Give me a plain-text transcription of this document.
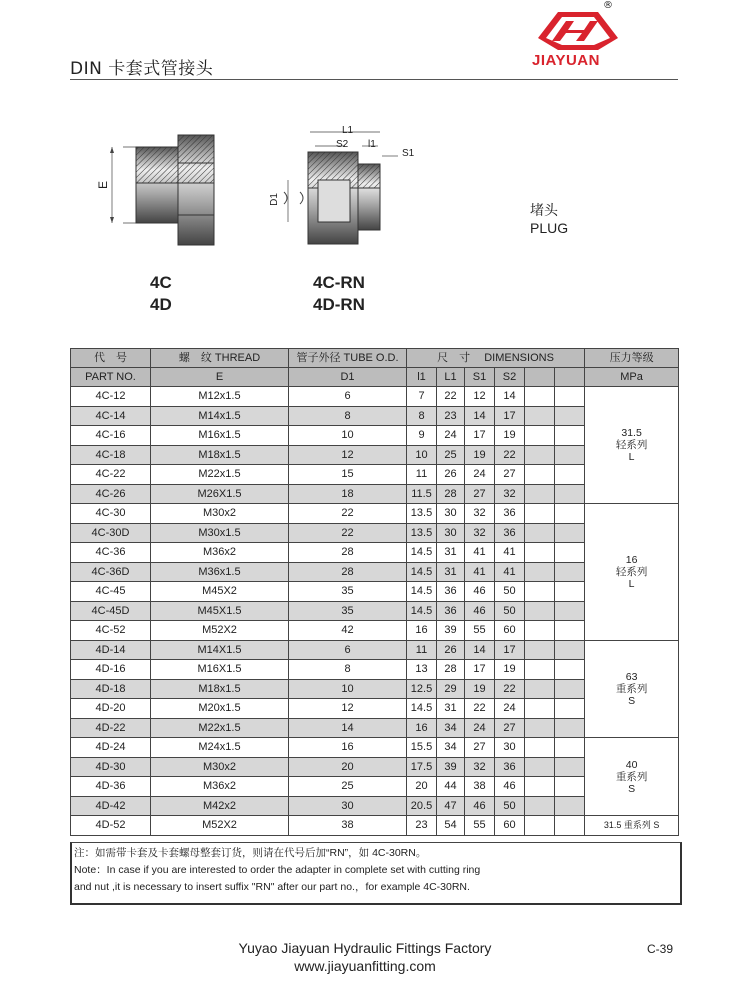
DIN 卡套式管接头
®
JIAYUAN
E
L1
S2 l1
S1
D1
堵头
PLUG
4C
4D
4C-RN
4D-RN
代　号	螺　纹 THREAD	管子外径 TUBE O.D.	尺　寸　 DIMENSIONS						压力等级
PART NO.	E	D1	l1	L1	S1	S2			MPa
4C-12	M12x1.5	6	7	22	12	14			31.5
轻系列
L

4C-14	M14x1.5	8	8	23	14	17			
4C-16	M16x1.5	10	9	24	17	19			
4C-18	M18x1.5	12	10	25	19	22			
4C-22	M22x1.5	15	11	26	24	27			
4C-26	M26X1.5	18	11.5	28	27	32			
4C-30	M30x2	22	13.5	30	32	36			16
轻系列
L

4C-30D	M30x1.5	22	13.5	30	32	36			
4C-36	M36x2	28	14.5	31	41	41			
4C-36D	M36x1.5	28	14.5	31	41	41			
4C-45	M45X2	35	14.5	36	46	50			
4C-45D	M45X1.5	35	14.5	36	46	50			
4C-52	M52X2	42	16	39	55	60			
4D-14	M14X1.5	6	11	26	14	17			63
重系列
S

4D-16	M16X1.5	8	13	28	17	19			
4D-18	M18x1.5	10	12.5	29	19	22			
4D-20	M20x1.5	12	14.5	31	22	24			
4D-22	M22x1.5	14	16	34	24	27			
4D-24	M24x1.5	16	15.5	34	27	30			40
重系列
S

4D-30	M30x2	20	17.5	39	32	36			
4D-36	M36x2	25	20	44	38	46			
4D-42	M42x2	30	20.5	47	46	50			
4D-52	M52X2	38	23	54	55	60			31.5 重系列 S
注：如需带卡套及卡套螺母整套订货，则请在代号后加“RN”，如 4C-30RN。
Note：In case if you are interested to order the adapter in complete set with cutting ring
and nut ,it is necessary to insert suffix "RN" after our part no.，for example 4C-30RN.
Yuyao Jiayuan Hydraulic Fittings Factory
www.jiayuanfitting.com
C-39
